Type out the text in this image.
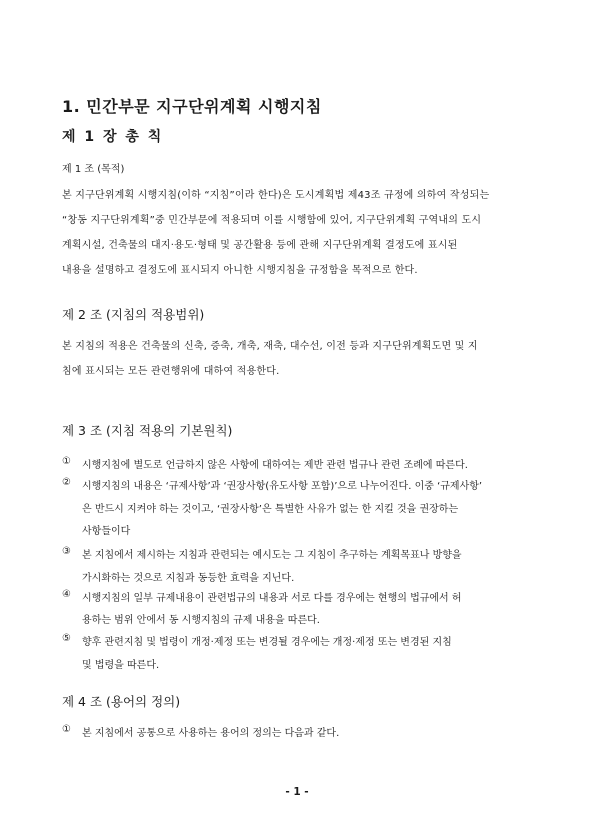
1. 민간부문 지구단위계획 시행지침
제 1 장 총 칙
제 1 조 (목적)
본 지구단위계획 시행지침(이하 “지침”이라 한다)은 도시계획법 제43조 규정에 의하여 작성되는
“창동 지구단위계획”중 민간부문에 적용되며 이를 시행함에 있어, 지구단위계획 구역내의 도시
계획시설, 건축물의 대지·용도·형태 및 공간활용 등에 관해 지구단위계획 결정도에 표시된
내용을 설명하고 결정도에 표시되지 아니한 시행지침을 규정함을 목적으로 한다.
제 2 조 (지침의 적용범위)
본 지침의 적용은 건축물의 신축, 증축, 개축, 재축, 대수선, 이전 등과 지구단위계획도면 및 지
침에 표시되는 모든 관련행위에 대하여 적용한다.
제 3 조 (지침 적용의 기본원칙)
①	시행지침에 별도로 언급하지 않은 사항에 대하여는 제반 관련 법규나 관련 조례에 따른다.
②	시행지침의 내용은 ‘규제사항’과 ‘권장사항(유도사항 포함)’으로 나누어진다. 이중 ‘규제사항’
은 반드시 지켜야 하는 것이고, ‘권장사항’은 특별한 사유가 없는 한 지킬 것을 권장하는
사항들이다
③	본 지침에서 제시하는 지침과 관련되는 예시도는 그 지침이 추구하는 계획목표나 방향을
가시화하는 것으로 지침과 동등한 효력을 지닌다.
④	시행지침의 일부 규제내용이 관련법규의 내용과 서로 다를 경우에는 현행의 법규에서 허
용하는 범위 안에서 동 시행지침의 규제 내용을 따른다.
⑤	향후 관련지침 및 법령이 개정·제정 또는 변경될 경우에는 개정·제정 또는 변경된 지침
및 법령을 따른다.
제 4 조 (용어의 정의)
①	본 지침에서 공통으로 사용하는 용어의 정의는 다음과 같다.
- 1 -
